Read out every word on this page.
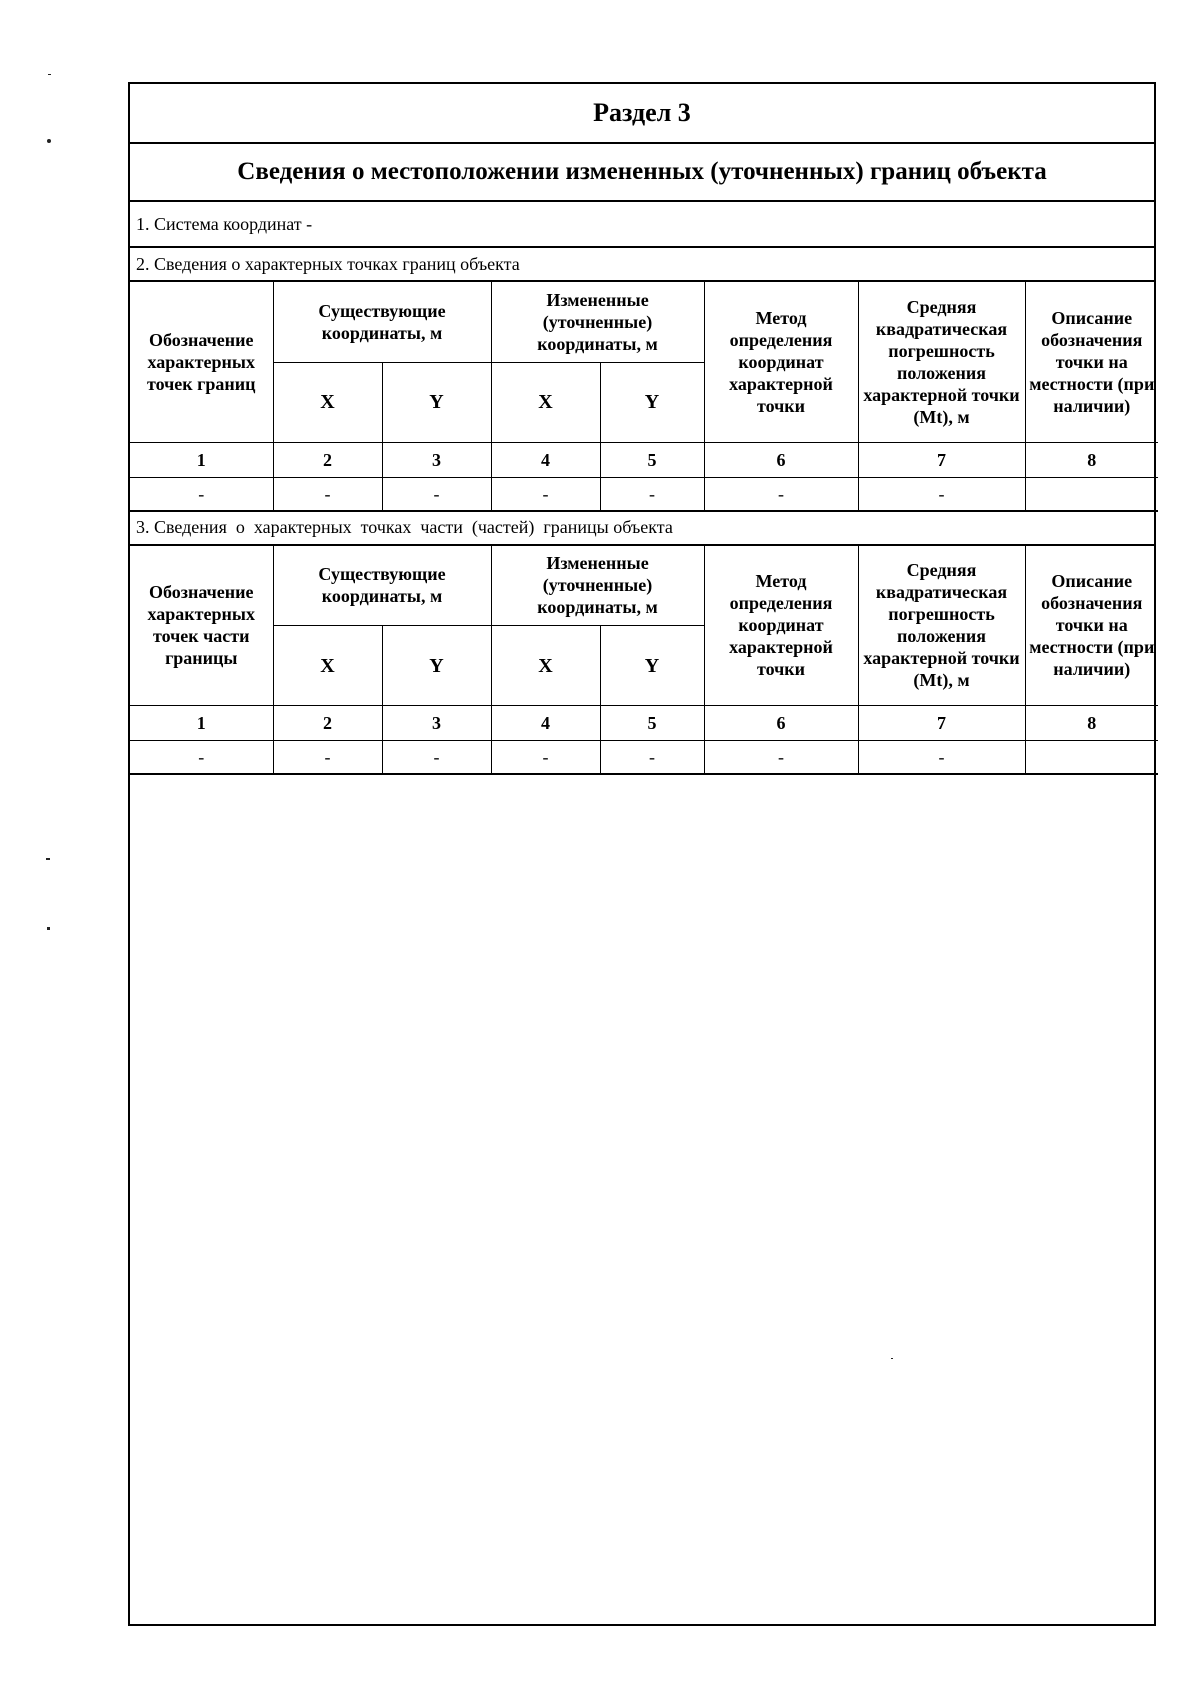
Раздел 3
Сведения о местоположении измененных (уточненных) границ объекта
1. Система координат -
2. Сведения о характерных точках границ объекта
Обозначение характерных точек границ	Существующие координаты, м		Измененные (уточненные) координаты, м		Метод определения координат характерной точки	Средняя квадратическая погрешность положения характерной точки (Mt), м	Описание обозначения точки на местности (при наличии)
	X	Y	X	Y			
1	2	3	4	5	6	7	8
-	-	-	-	-	-	-	
3. Сведения  о  характерных  точках  части  (частей)  границы объекта
Обозначение характерных точек части границы	Существующие координаты, м		Измененные (уточненные) координаты, м		Метод определения координат характерной точки	Средняя квадратическая погрешность положения характерной точки (Mt), м	Описание обозначения точки на местности (при наличии)
	X	Y	X	Y			
1	2	3	4	5	6	7	8
-	-	-	-	-	-	-	
